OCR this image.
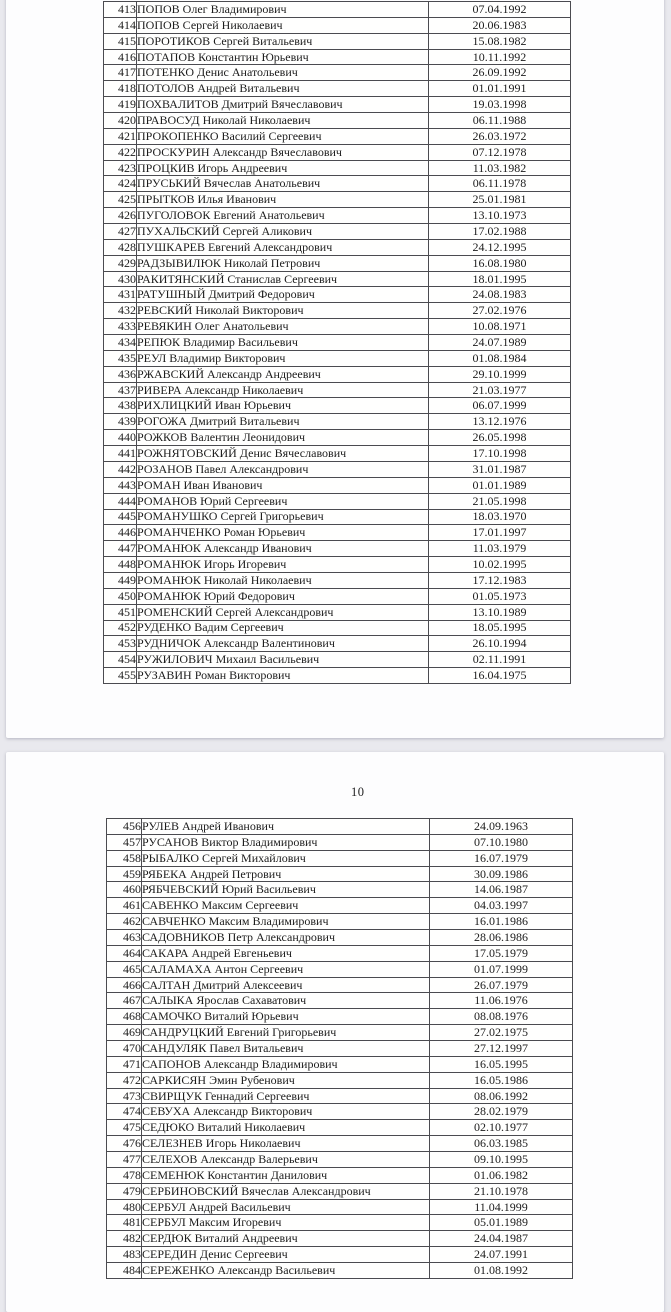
413	ПОПОВ Олег Владимирович	07.04.1992
414	ПОПОВ Сергей Николаевич	20.06.1983
415	ПОРОТИКОВ Сергей Витальевич	15.08.1982
416	ПОТАПОВ Константин Юрьевич	10.11.1992
417	ПОТЕНКО Денис Анатольевич	26.09.1992
418	ПОТОЛОВ Андрей Витальевич	01.01.1991
419	ПОХВАЛИТОВ Дмитрий Вячеславович	19.03.1998
420	ПРАВОСУД Николай Николаевич	06.11.1988
421	ПРОКОПЕНКО Василий Сергеевич	26.03.1972
422	ПРОСКУРИН Александр Вячеславович	07.12.1978
423	ПРОЦКИВ Игорь Андреевич	11.03.1982
424	ПРУСЬКИЙ Вячеслав Анатольевич	06.11.1978
425	ПРЫТКОВ Илья Иванович	25.01.1981
426	ПУГОЛОВОК Евгений Анатольевич	13.10.1973
427	ПУХАЛЬСКИЙ Сергей Аликович	17.02.1988
428	ПУШКАРЕВ Евгений Александрович	24.12.1995
429	РАДЗЫВИЛЮК Николай Петрович	16.08.1980
430	РАКИТЯНСКИЙ Станислав Сергеевич	18.01.1995
431	РАТУШНЫЙ Дмитрий Федорович	24.08.1983
432	РЕВСКИЙ Николай Викторович	27.02.1976
433	РЕВЯКИН Олег Анатольевич	10.08.1971
434	РЕПЮК Владимир Васильевич	24.07.1989
435	РЕУЛ Владимир Викторович	01.08.1984
436	РЖАВСКИЙ Александр Андреевич	29.10.1999
437	РИВЕРА Александр Николаевич	21.03.1977
438	РИХЛИЦКИЙ Иван Юрьевич	06.07.1999
439	РОГОЖА Дмитрий Витальевич	13.12.1976
440	РОЖКОВ Валентин Леонидович	26.05.1998
441	РОЖНЯТОВСКИЙ Денис Вячеславович	17.10.1998
442	РОЗАНОВ Павел Александрович	31.01.1987
443	РОМАН Иван Иванович	01.01.1989
444	РОМАНОВ Юрий Сергеевич	21.05.1998
445	РОМАНУШКО Сергей Григорьевич	18.03.1970
446	РОМАНЧЕНКО Роман Юрьевич	17.01.1997
447	РОМАНЮК Александр Иванович	11.03.1979
448	РОМАНЮК Игорь Игоревич	10.02.1995
449	РОМАНЮК Николай Николаевич	17.12.1983
450	РОМАНЮК Юрий Федорович	01.05.1973
451	РОМЕНСКИЙ Сергей Александрович	13.10.1989
452	РУДЕНКО Вадим Сергеевич	18.05.1995
453	РУДНИЧОК Александр Валентинович	26.10.1994
454	РУЖИЛОВИЧ Михаил Васильевич	02.11.1991
455	РУЗАВИН Роман Викторович	16.04.1975
10
456	РУЛЕВ Андрей Иванович	24.09.1963
457	РУСАНОВ Виктор Владимирович	07.10.1980
458	РЫБАЛКО Сергей Михайлович	16.07.1979
459	РЯБЕКА Андрей Петрович	30.09.1986
460	РЯБЧЕВСКИЙ Юрий Васильевич	14.06.1987
461	САВЕНКО Максим Сергеевич	04.03.1997
462	САВЧЕНКО Максим Владимирович	16.01.1986
463	САДОВНИКОВ Петр Александрович	28.06.1986
464	САКАРА Андрей Евгеньевич	17.05.1979
465	САЛАМАХА Антон Сергеевич	01.07.1999
466	САЛТАН Дмитрий Алексеевич	26.07.1979
467	САЛЫКА Ярослав Сахаватович	11.06.1976
468	САМОЧКО Виталий Юрьевич	08.08.1976
469	САНДРУЦКИЙ Евгений Григорьевич	27.02.1975
470	САНДУЛЯК Павел Витальевич	27.12.1997
471	САПОНОВ Александр Владимирович	16.05.1995
472	САРКИСЯН Эмин Рубенович	16.05.1986
473	СВИРЩУК Геннадий Сергеевич	08.06.1992
474	СЕВУХА Александр Викторович	28.02.1979
475	СЕДЮКО Виталий Николаевич	02.10.1977
476	СЕЛЕЗНЕВ Игорь Николаевич	06.03.1985
477	СЕЛЕХОВ Александр Валерьевич	09.10.1995
478	СЕМЕНЮК Константин Данилович	01.06.1982
479	СЕРБИНОВСКИЙ Вячеслав Александрович	21.10.1978
480	СЕРБУЛ Андрей Васильевич	11.04.1999
481	СЕРБУЛ Максим Игоревич	05.01.1989
482	СЕРДЮК Виталий Андреевич	24.04.1987
483	СЕРЕДИН Денис Сергеевич	24.07.1991
484	СЕРЕЖЕНКО Александр Васильевич	01.08.1992
